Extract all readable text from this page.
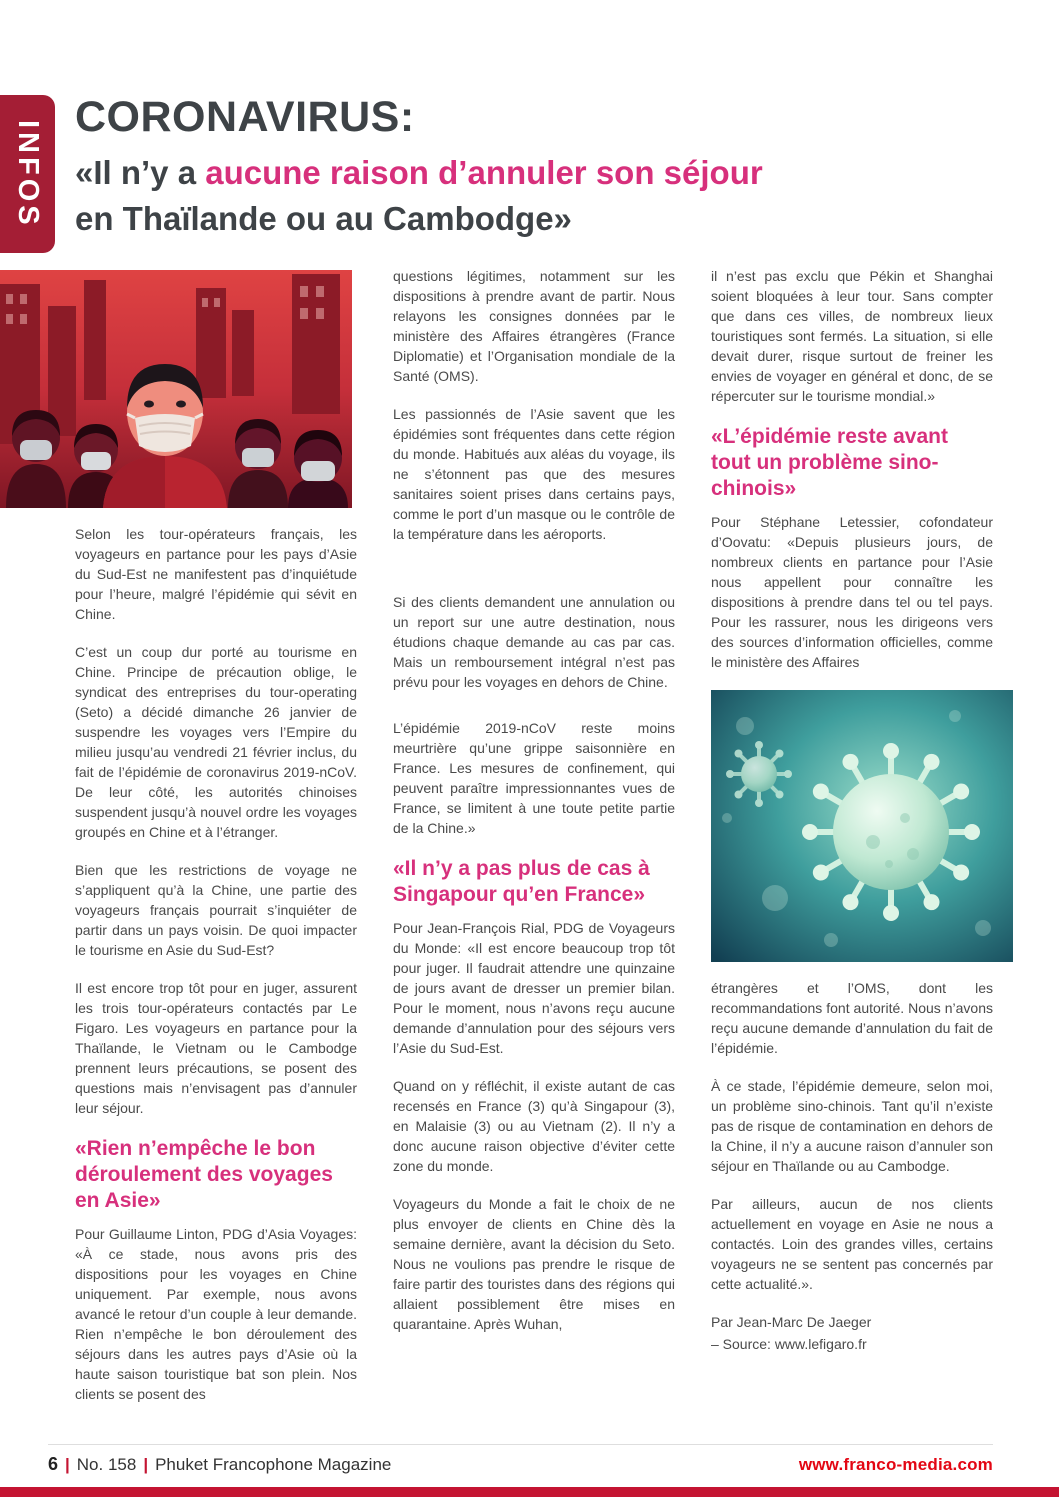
INFOS
CORONAVIRUS:
«Il n’y a aucune raison d’annuler son séjour
en Thaïlande ou au Cambodge»

Selon les tour-opérateurs français, les voyageurs en partance pour les pays d’Asie du Sud-Est ne manifestent pas d’inquiétude pour l’heure, malgré l’épidémie qui sévit en Chine.

C’est un coup dur porté au tourisme en Chine. Principe de précaution oblige, le syndicat des entreprises du tour-operating (Seto) a décidé dimanche 26 janvier de suspendre les voyages vers l’Empire du milieu jusqu’au vendredi 21 février inclus, du fait de l’épidémie de coronavirus 2019-nCoV. De leur côté, les autorités chinoises suspendent jusqu’à nouvel ordre les voyages groupés en Chine et à l’étranger.

Bien que les restrictions de voyage ne s’appliquent qu’à la Chine, une partie des voyageurs français pourrait s’inquiéter de partir dans un pays voisin. De quoi impacter le tourisme en Asie du Sud-Est?

Il est encore trop tôt pour en juger, assurent les trois tour-opérateurs contactés par Le Figaro. Les voyageurs en partance pour la Thaïlande, le Vietnam ou le Cambodge prennent leurs précautions, se posent des questions mais n’envisagent pas d’annuler leur séjour.

«Rien n’empêche le bon déroulement des voyages en Asie»

Pour Guillaume Linton, PDG d’Asia Voyages: «À ce stade, nous avons pris des dispositions pour les voyages en Chine uniquement. Par exemple, nous avons avancé le retour d’un couple à leur demande. Rien n’empêche le bon déroulement des séjours dans les autres pays d’Asie où la haute saison touristique bat son plein. Nos clients se posent des

questions légitimes, notamment sur les dispositions à prendre avant de partir. Nous relayons les consignes données par le ministère des Affaires étrangères (France Diplomatie) et l’Organisation mondiale de la Santé (OMS).

Les passionnés de l’Asie savent que les épidémies sont fréquentes dans cette région du monde. Habitués aux aléas du voyage, ils ne s’étonnent pas que des mesures sanitaires soient prises dans certains pays, comme le port d’un masque ou le contrôle de la température dans les aéroports.

Si des clients demandent une annulation ou un report sur une autre destination, nous étudions chaque demande au cas par cas. Mais un remboursement intégral n’est pas prévu pour les voyages en dehors de Chine.

L’épidémie 2019-nCoV reste moins meurtrière qu’une grippe saisonnière en France. Les mesures de confinement, qui peuvent paraître impressionnantes vues de France, se limitent à une toute petite partie de la Chine.»

«Il n’y a pas plus de cas à Singapour qu’en France»

Pour Jean-François Rial, PDG de Voyageurs du Monde: «Il est encore beaucoup trop tôt pour juger. Il faudrait attendre une quinzaine de jours avant de dresser un premier bilan. Pour le moment, nous n’avons reçu aucune demande d’annulation pour des séjours vers l’Asie du Sud-Est.

Quand on y réfléchit, il existe autant de cas recensés en France (3) qu’à Singapour (3), en Malaisie (3) ou au Vietnam (2). Il n’y a donc aucune raison objective d’éviter cette zone du monde.

Voyageurs du Monde a fait le choix de ne plus envoyer de clients en Chine dès la semaine dernière, avant la décision du Seto. Nous ne voulions pas prendre le risque de faire partir des touristes dans des régions qui allaient possiblement être mises en quarantaine. Après Wuhan,

il n’est pas exclu que Pékin et Shanghai soient bloquées à leur tour. Sans compter que dans ces villes, de nombreux lieux touristiques sont fermés. La situation, si elle devait durer, risque surtout de freiner les envies de voyager en général et donc, de se répercuter sur le tourisme mondial.»

«L’épidémie reste avant tout un problème sino-chinois»

Pour Stéphane Letessier, cofondateur d’Oovatu: «Depuis plusieurs jours, de nombreux clients en partance pour l’Asie nous appellent pour connaître les dispositions à prendre dans tel ou tel pays. Pour les rassurer, nous les dirigeons vers des sources d’information officielles, comme le ministère des Affaires

étrangères et l’OMS, dont les recommandations font autorité. Nous n’avons reçu aucune demande d’annulation du fait de l’épidémie.

À ce stade, l’épidémie demeure, selon moi, un problème sino-chinois. Tant qu’il n’existe pas de risque de contamination en dehors de la Chine, il n’y a aucune raison d’annuler son séjour en Thaïlande ou au Cambodge.

Par ailleurs, aucun de nos clients actuellement en voyage en Asie ne nous a contactés. Loin des grandes villes, certains voyageurs ne se sentent pas concernés par cette actualité.».

Par Jean-Marc De Jaeger

– Source: www.lefigaro.fr

6 | No. 158 | Phuket Francophone Magazine	www.franco-media.com
